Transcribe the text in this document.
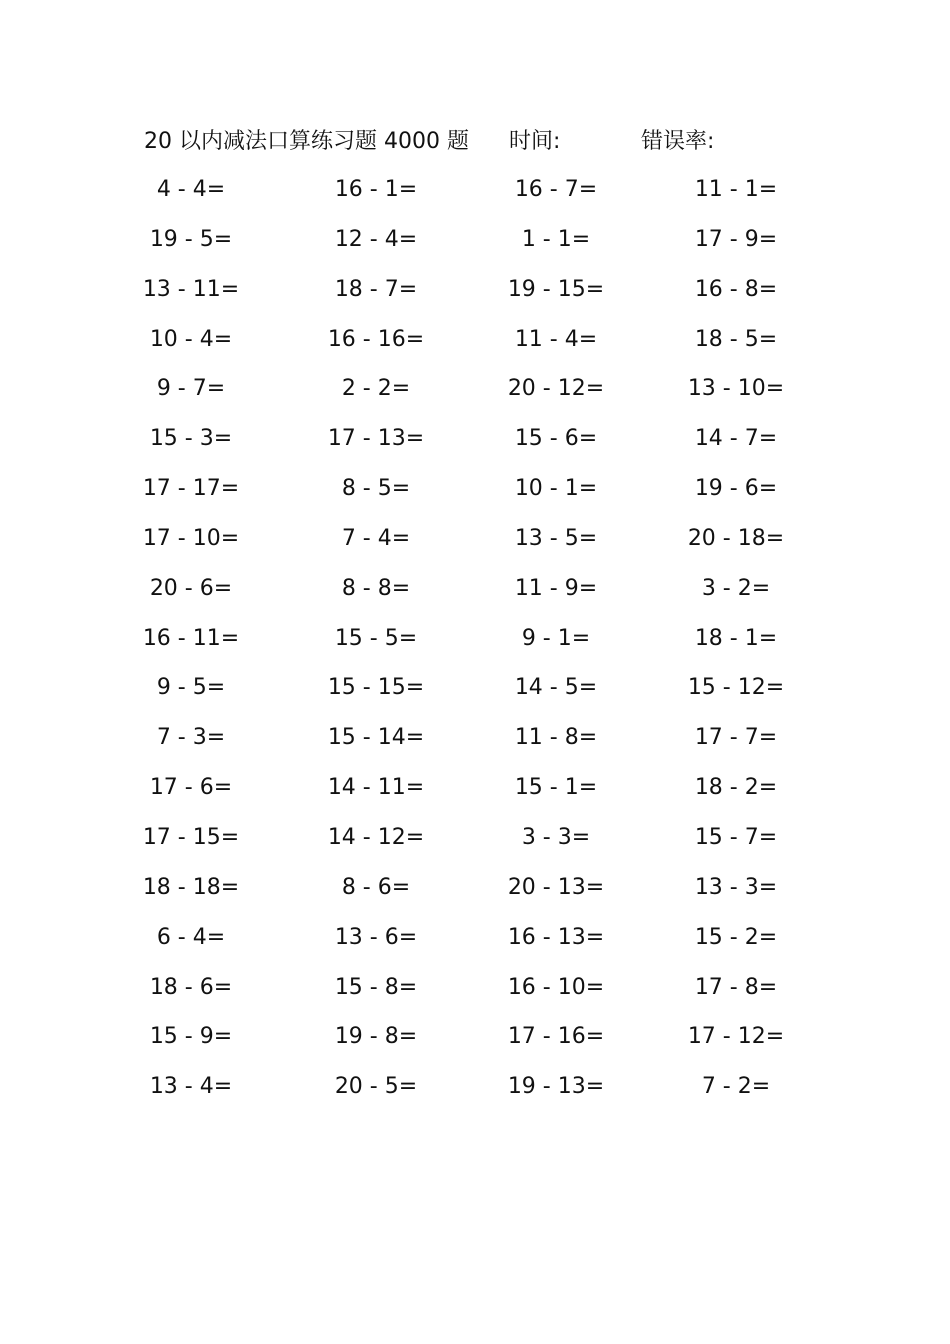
20 以内减法口算练习题 4000 题 时间:	错误率:
4 - 4=	16 - 1=	16 - 7=	11 - 1=
19 - 5=	12 - 4=	1 - 1=	17 - 9=
13 - 11=	18 - 7=	19 - 15=	16 - 8=
10 - 4=	16 - 16=	11 - 4=	18 - 5=
9 - 7=	2 - 2=	20 - 12=	13 - 10=
15 - 3=	17 - 13=	15 - 6=	14 - 7=
17 - 17=	8 - 5=	10 - 1=	19 - 6=
17 - 10=	7 - 4=	13 - 5=	20 - 18=
20 - 6=	8 - 8=	11 - 9=	3 - 2=
16 - 11=	15 - 5=	9 - 1=	18 - 1=
9 - 5=	15 - 15=	14 - 5=	15 - 12=
7 - 3=	15 - 14=	11 - 8=	17 - 7=
17 - 6=	14 - 11=	15 - 1=	18 - 2=
17 - 15=	14 - 12=	3 - 3=	15 - 7=
18 - 18=	8 - 6=	20 - 13=	13 - 3=
6 - 4=	13 - 6=	16 - 13=	15 - 2=
18 - 6=	15 - 8=	16 - 10=	17 - 8=
15 - 9=	19 - 8=	17 - 16=	17 - 12=
13 - 4=	20 - 5=	19 - 13=	7 - 2=
